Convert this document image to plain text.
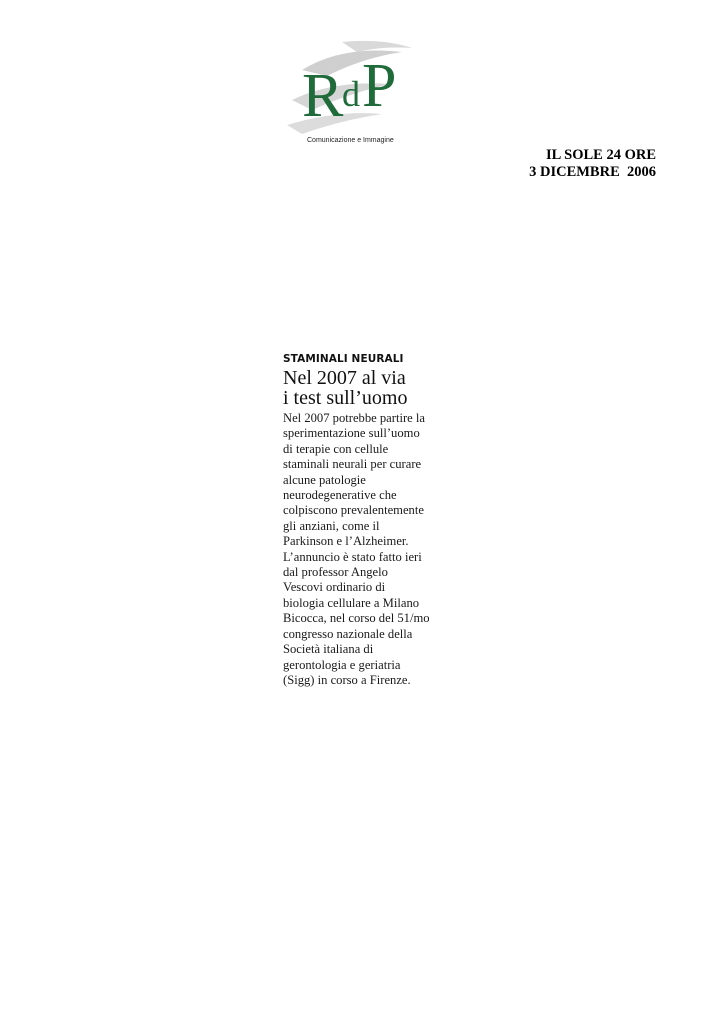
R
d P
Comunicazione e Immagine
IL SOLE 24 ORE
3 DICEMBRE  2006
STAMINALI NEURALI
Nel 2007 al via
i test sull’uomo
Nel 2007 potrebbe partire la
sperimentazione sull’uomo
di terapie con cellule
staminali neurali per curare
alcune patologie
neurodegenerative che
colpiscono prevalentemente
gli anziani, come il
Parkinson e l’Alzheimer.
L’annuncio è stato fatto ieri
dal professor Angelo
Vescovi ordinario di
biologia cellulare a Milano
Bicocca, nel corso del 51/mo
congresso nazionale della
Società italiana di
gerontologia e geriatria
(Sigg) in corso a Firenze.
